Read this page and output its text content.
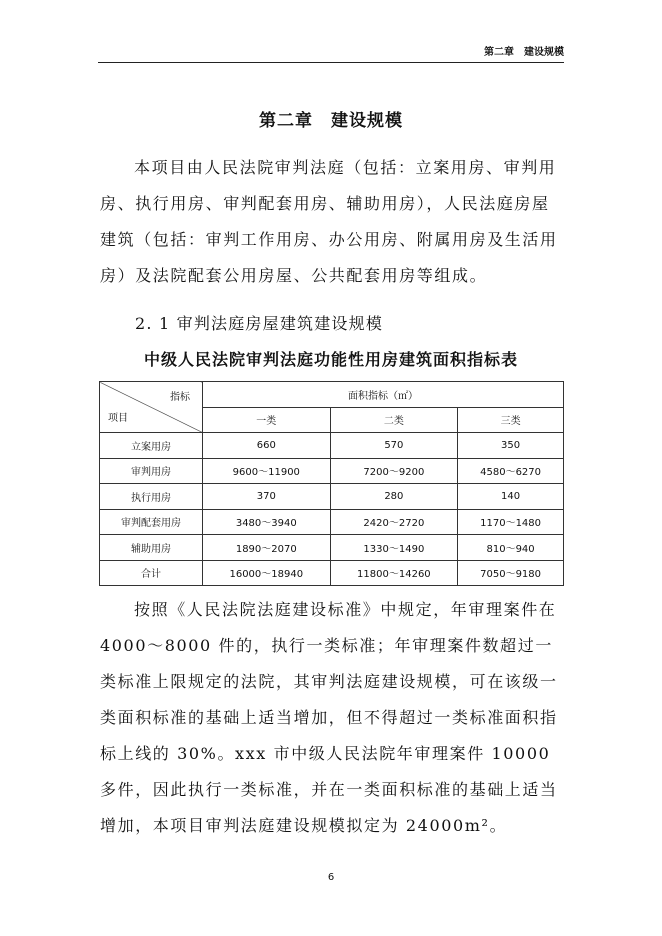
第二章　建设规模
第二章　建设规模

本项目由人民法院审判法庭（包括：立案用房、审判用房、执行用房、审判配套用房、辅助用房），人民法庭房屋建筑（包括：审判工作用房、办公用房、附属用房及生活用房）及法院配套公用房屋、公共配套用房等组成。

2. 1 审判法庭房屋建筑建设规模
中级人民法院审判法庭功能性用房建筑面积指标表
指标
项目	面积指标（㎡）		
	一类	二类	三类
立案用房	660	570	350
审判用房	9600～11900	7200～9200	4580～6270
执行用房	370	280	140
审判配套用房	3480～3940	2420～2720	1170～1480
辅助用房	1890～2070	1330～1490	810～940
合计	16000～18940	11800～14260	7050～9180

按照《人民法院法庭建设标准》中规定，年审理案件在 4000～8000 件的，执行一类标准；年审理案件数超过一类标准上限规定的法院，其审判法庭建设规模，可在该级一类面积标准的基础上适当增加，但不得超过一类标准面积指标上线的 30%。xxx 市中级人民法院年审理案件 10000 多件，因此执行一类标准，并在一类面积标准的基础上适当增加，本项目审判法庭建设规模拟定为 24000m²。

6
